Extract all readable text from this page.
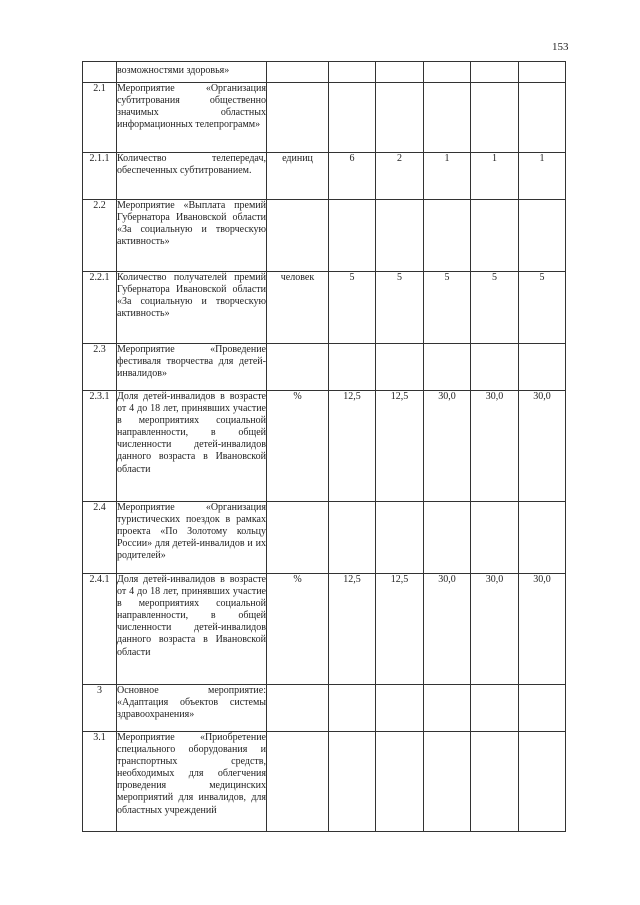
153
	возможностями здоровья»						
2.1	Мероприятие «Организация субтитрования общественно значимых областных информационных телепрограмм»						
2.1.1	Количество телепередач, обеспеченных субтитрованием.	единиц	6	2	1	1	1
2.2	Мероприятие «Выплата премий Губернатора Ивановской области «За социальную и творческую активность»						
2.2.1	Количество получателей премий Губернатора Ивановской области «За социальную и творческую активность»	человек	5	5	5	5	5
2.3	Мероприятие «Проведение фестиваля творчества для детей-инвалидов»						
2.3.1	Доля детей-инвалидов в возрасте от 4 до 18 лет, принявших участие в мероприятиях социальной направленности, в общей численности детей-инвалидов данного возраста в Ивановской области	%	12,5	12,5	30,0	30,0	30,0
2.4	Мероприятие «Организация туристических поездок в рамках проекта «По Золотому кольцу России» для детей-инвалидов и их родителей»						
2.4.1	Доля детей-инвалидов в возрасте от 4 до 18 лет, принявших участие в мероприятиях социальной направленности, в общей численности детей-инвалидов данного возраста в Ивановской области	%	12,5	12,5	30,0	30,0	30,0
3	Основное мероприятие: «Адаптация объектов системы здравоохранения»						
3.1	Мероприятие «Приобретение специального оборудования и транспортных средств, необходимых для облегчения проведения медицинских мероприятий для инвалидов, для областных учреждений						
